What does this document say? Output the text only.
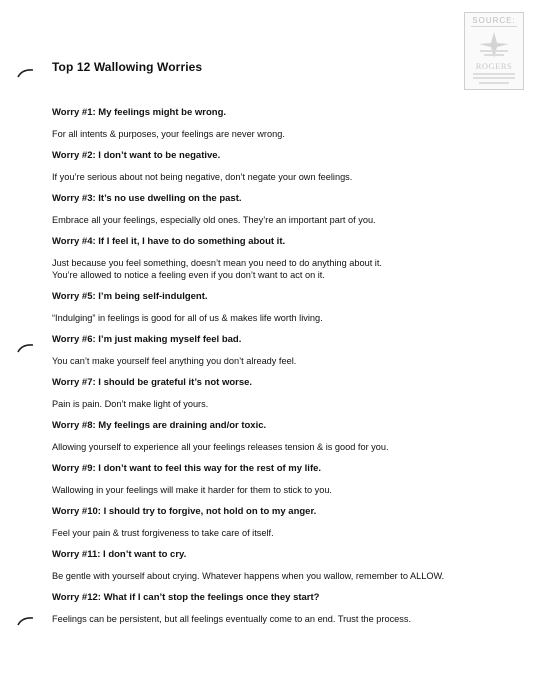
Top 12 Wallowing Worries
SOURCE:
ROGERS
Worry #1: My feelings might be wrong.
For all intents & purposes, your feelings are never wrong.
Worry #2: I don’t want to be negative.
If you’re serious about not being negative, don’t negate your own feelings.
Worry #3: It’s no use dwelling on the past.
Embrace all your feelings, especially old ones. They’re an important part of you.
Worry #4: If I feel it, I have to do something about it.
Just because you feel something, doesn’t mean you need to do anything about it.
You’re allowed to notice a feeling even if you don’t want to act on it.
Worry #5: I’m being self-indulgent.
“Indulging” in feelings is good for all of us & makes life worth living.
Worry #6: I’m just making myself feel bad.
You can’t make yourself feel anything you don’t already feel.
Worry #7: I should be grateful it’s not worse.
Pain is pain. Don’t make light of yours.
Worry #8: My feelings are draining and/or toxic.
Allowing yourself to experience all your feelings releases tension & is good for you.
Worry #9: I don’t want to feel this way for the rest of my life.
Wallowing in your feelings will make it harder for them to stick to you.
Worry #10: I should try to forgive, not hold on to my anger.
Feel your pain & trust forgiveness to take care of itself.
Worry #11: I don’t want to cry.
Be gentle with yourself about crying. Whatever happens when you wallow, remember to ALLOW.
Worry #12: What if I can’t stop the feelings once they start?
Feelings can be persistent, but all feelings eventually come to an end. Trust the process.
